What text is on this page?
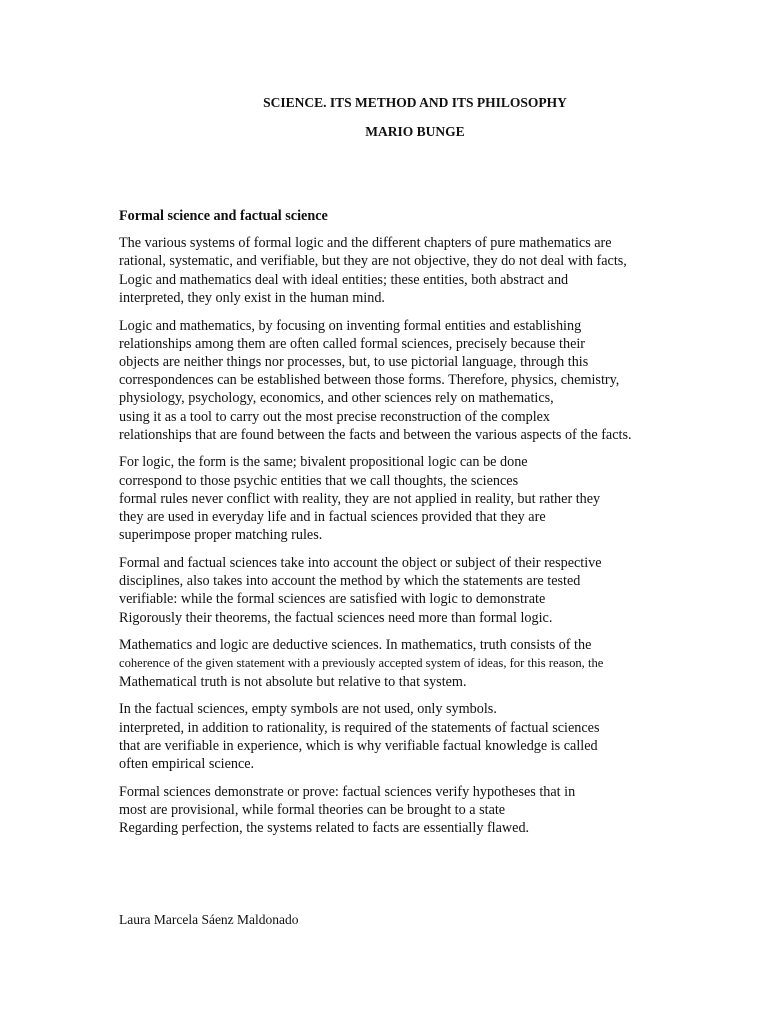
SCIENCE. ITS METHOD AND ITS PHILOSOPHY
MARIO BUNGE
Formal science and factual science
The various systems of formal logic and the different chapters of pure mathematics are
rational, systematic, and verifiable, but they are not objective, they do not deal with facts,
Logic and mathematics deal with ideal entities; these entities, both abstract and
interpreted, they only exist in the human mind.
Logic and mathematics, by focusing on inventing formal entities and establishing
relationships among them are often called formal sciences, precisely because their
objects are neither things nor processes, but, to use pictorial language, through this
correspondences can be established between those forms. Therefore, physics, chemistry,
physiology, psychology, economics, and other sciences rely on mathematics,
using it as a tool to carry out the most precise reconstruction of the complex
relationships that are found between the facts and between the various aspects of the facts.
For logic, the form is the same; bivalent propositional logic can be done
correspond to those psychic entities that we call thoughts, the sciences
formal rules never conflict with reality, they are not applied in reality, but rather they
they are used in everyday life and in factual sciences provided that they are
superimpose proper matching rules.
Formal and factual sciences take into account the object or subject of their respective
disciplines, also takes into account the method by which the statements are tested
verifiable: while the formal sciences are satisfied with logic to demonstrate
Rigorously their theorems, the factual sciences need more than formal logic.
Mathematics and logic are deductive sciences. In mathematics, truth consists of the
coherence of the given statement with a previously accepted system of ideas, for this reason, the
Mathematical truth is not absolute but relative to that system.
In the factual sciences, empty symbols are not used, only symbols.
interpreted, in addition to rationality, is required of the statements of factual sciences
that are verifiable in experience, which is why verifiable factual knowledge is called
often empirical science.
Formal sciences demonstrate or prove: factual sciences verify hypotheses that in
most are provisional, while formal theories can be brought to a state
Regarding perfection, the systems related to facts are essentially flawed.
Laura Marcela Sáenz Maldonado
